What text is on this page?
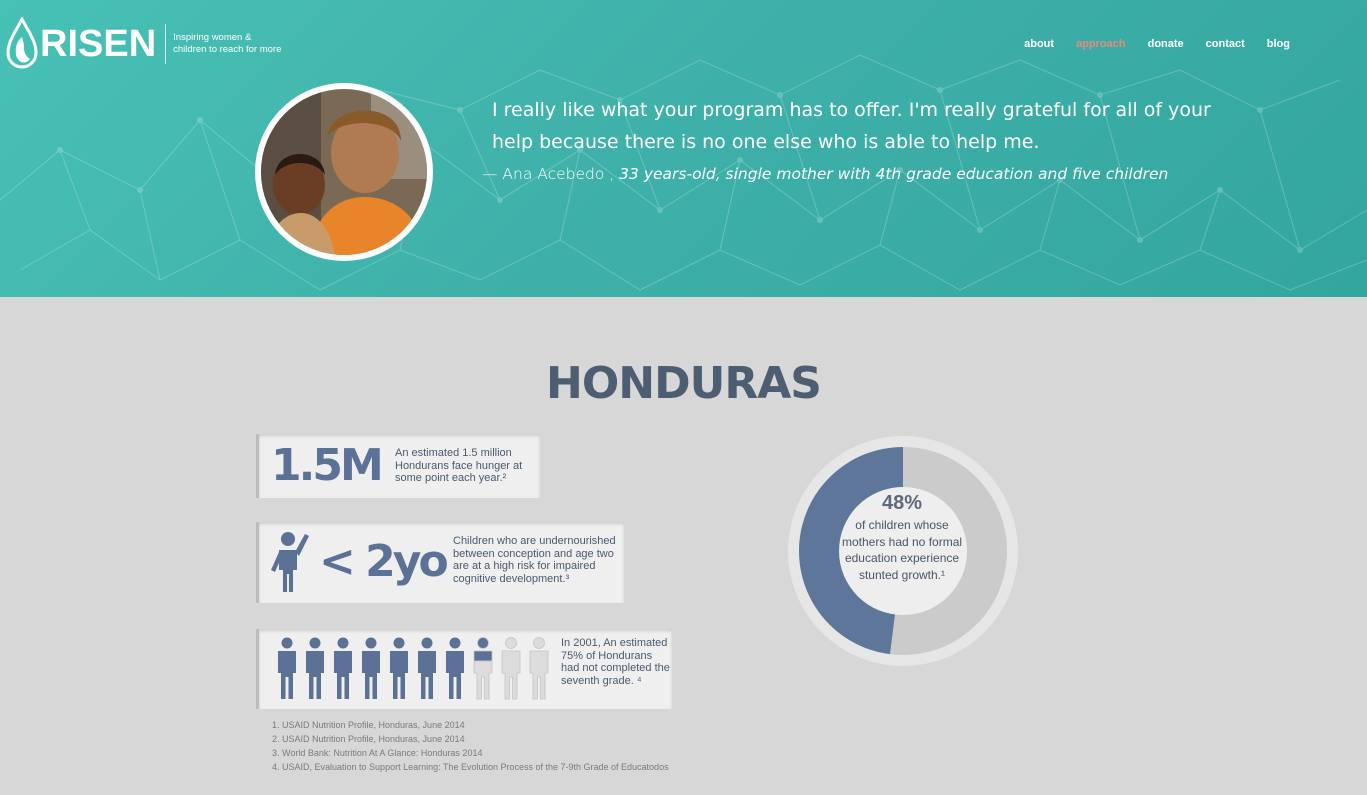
RISEN Inspiring women & children to reach for more	about approach donate contact blog

I really like what your program has to offer. I'm really grateful for all of your help because there is no one else who is able to help me.

— Ana Acebedo , 33 years-old, single mother with 4th grade education and five children

HONDURAS
1.5M An estimated 1.5 million Hondurans face hunger at some point each year.²
< 2yo Children who are undernourished between conception and age two are at a high risk for impaired cognitive development.³
In 2001, An estimated 75% of Hondurans had not completed the seventh grade. ⁴
1. USAID Nutrition Profile, Honduras, June 2014
2. USAID Nutrition Profile, Honduras, June 2014
3. World Bank: Nutrition At A Glance: Honduras 2014
4. USAID, Evaluation to Support Learning: The Evolution Process of the 7-9th Grade of Educatodos
48%
of children whose mothers had no formal education experience stunted growth.¹
